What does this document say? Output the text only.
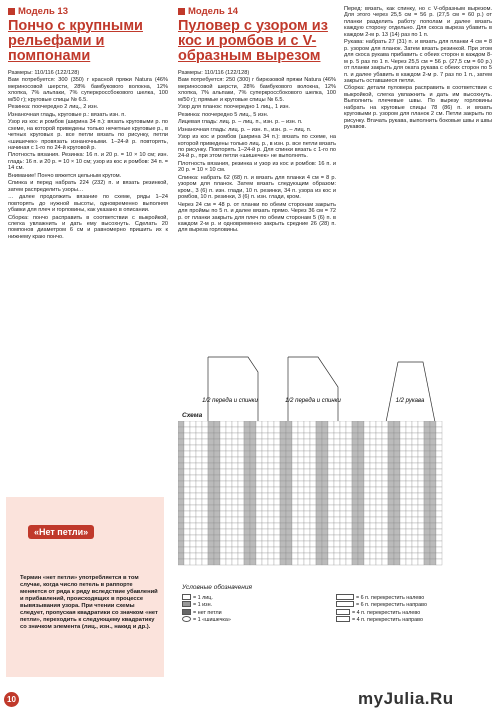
Модель 13
Пончо с крупными рельефами и помпонами
Размеры: 110/116 (122/128)
Вам потребуется: 300 (350) г красной пряжи Natura (46% мериносовой шерсти, 28% бамбукового волокна, 12% хлопка, 7% альпаки, 7% суперкроссбокового шелка, 100 м/50 г); круговые спицы № 6.5.
Резинка: поочередно 2 лиц., 2 изн.
Изнаночная гладь, круговые р.: вязать изн. п.
Узор из кос и ромбов (ширина 34 п.): вязать круговыми р. по схеме, на которой приведены только нечетные круговые р., в четных круговых р. все петли вязать по рисунку, петли «шишечек» провязать изнаночными. 1–24-й р. повторять, начиная с 1-го по 24-й круговой р.
Плотность вязания. Резинка: 16 п. и 20 р. = 10 × 10 см; изн. гладь: 16 п. и 20 р. = 10 × 10 см; узор из кос и ромбов: 34 п. = 14 см.
Внимание! Пончо вяжется цельным кругом.
Спинка и перед набрать 224 (232) п. и вязать резинкой, затем распределить узоры…
… далее продолжить вязание по схеме, ряды 1–24 повторять до нужной высоты, одновременно выполняя убавки для плеч и горловины, как указано в описании.
Сборка: пончо расправить в соответствии с выкройкой, слегка увлажнить и дать ему высохнуть. Сделать 20 помпонов диаметром 6 см и равномерно пришить их к нижнему краю пончо.
«Нет петли»
Термин «нет петли» употребляется в том случае, когда число петель в раппорте меняется от ряда к ряду вследствие убавлений и прибавлений, происходящих в процессе вывязывания узора. При чтении схемы следует, пропуская квадратики со значком «нет петли», переходить к следующему квадратику со значком элемента (лиц., изн., накид и др.).
Модель 14
Пуловер с узором из кос и ромбов и с V-образным вырезом
Размеры: 110/116 (122/128)
Вам потребуется: 250 (300) г бирюзовой пряжи Natura (46% мериносовой шерсти, 28% бамбукового волокна, 12% хлопка, 7% альпаки, 7% суперкроссбокового шелка, 100 м/50 г); прямые и круговые спицы № 6.5.
Узор для планок: поочередно 1 лиц., 1 изн.
Резинка: поочередно 5 лиц., 5 изн.
Лицевая гладь: лиц. р. – лиц. п., изн. р. – изн. п.
Изнаночная гладь: лиц. р. – изн. п., изн. р. – лиц. п.
Узор из кос и ромбов (ширина 34 п.): вязать по схеме, на которой приведены только лиц. р., в изн. р. все петли вязать по рисунку. Повторять 1–24-й р. Для спинки вязать с 1-го по 24-й р., при этом петли «шишечек» не выполнять.
Плотность вязания, резинка и узор из кос и ромбов: 16 п. и 20 р. = 10 × 10 см.
Спинка: набрать 62 (68) п. и вязать для планки 4 см = 8 р. узором для планок. Затем вязать следующим образом: кром., 3 (6) п. изн. глади, 10 п. резинки, 34 п. узора из кос и ромбов, 10 п. резинки, 3 (6) п. изн. глади, кром.
Через 24 см = 48 р. от планки по обеим сторонам закрыть для проймы по 5 п. и далее вязать прямо. Через 36 см = 72 р. от планки закрыть для плеч по обеим сторонам 5 (6) п. в каждом 2-м р. и одновременно закрыть средние 26 (28) п. для выреза горловины.
Перед: вязать, как спинку, но с V-образным вырезом. Для этого через 25,5 см = 56 р. (27,5 см = 60 р.) от планки разделить работу пополам и далее вязать каждую сторону отдельно. Для скоса выреза убавить в каждом 2-м р. 13 (14) раз по 1 п.
Рукава: набрать 27 (31) п. и вязать для планки 4 см = 8 р. узором для планок. Затем вязать резинкой. При этом для скоса рукава прибавить с обеих сторон в каждом 8-м р. 5 раз по 1 п. Через 25,5 см = 56 р. (27,5 см = 60 р.) от планки закрыть для оката рукава с обеих сторон по 5 п. и далее убавить в каждом 2-м р. 7 раз по 1 п., затем закрыть оставшиеся петли.
Сборка: детали пуловера расправить в соответствии с выкройкой, слегка увлажнить и дать им высохнуть. Выполнить плечевые швы. По вырезу горловины набрать на круговые спицы 78 (86) п. и вязать круговыми р. узором для планок 2 см. Петли закрыть по рисунку. Втачать рукава, выполнить боковые швы и швы рукавов.
1/2 переда и спинки	1/2 переда и спинки	1/2 рукава
Схема
Условные обозначения
= 1 лиц.
= 1 изн.
= нет петли
= 1 «шишечка»
= 6 п. перекрестить налево
= 6 п. перекрестить направо
= 4 п. перекрестить налево
= 4 п. перекрестить направо
10	myJulia.Ru
